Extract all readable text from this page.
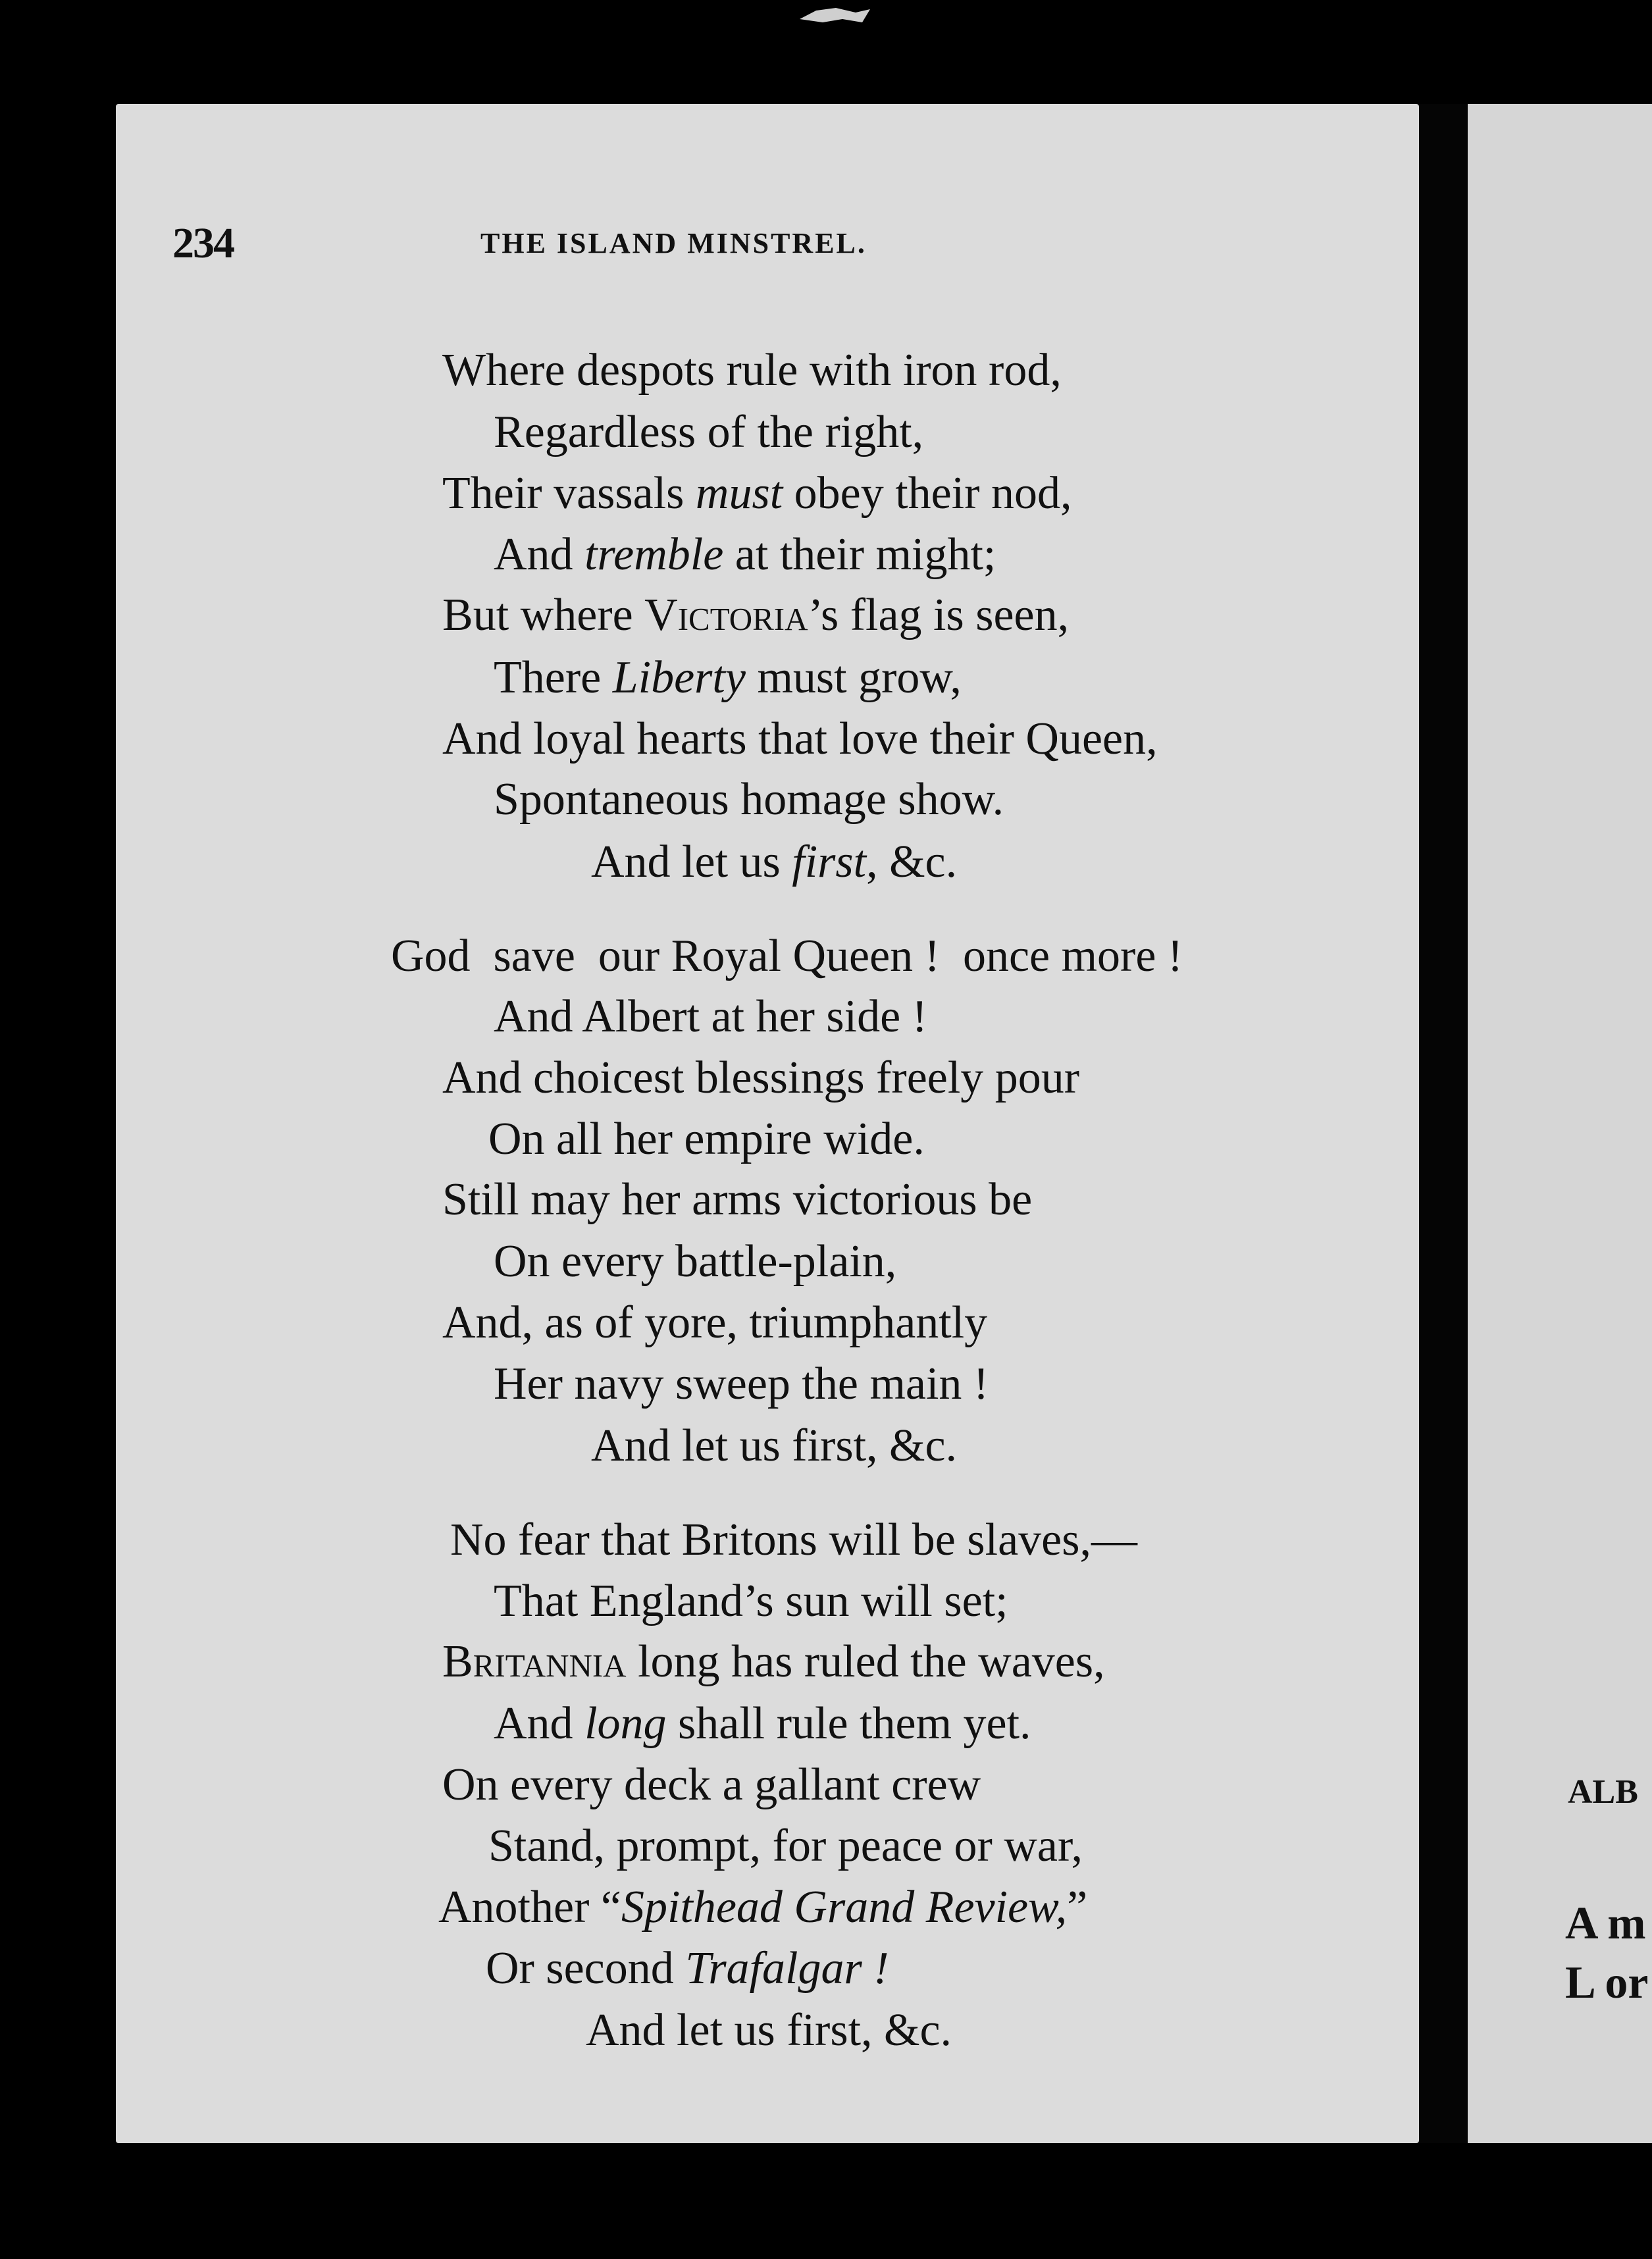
ALB
A m
L or
234	THE ISLAND MINSTREL.
Where despots rule with iron rod,
Regardless of the right,
Their vassals must obey their nod,
And tremble at their might;
But where Victoria’s flag is seen,
There Liberty must grow,
And loyal hearts that love their Queen,
Spontaneous homage show.
And let us first, &c.
God  save  our Royal Queen !  once more !
And Albert at her side !
And choicest blessings freely pour
On all her empire wide.
Still may her arms victorious be
On every battle-plain,
And, as of yore, triumphantly
Her navy sweep the main !
And let us first, &c.
No fear that Britons will be slaves,—
That England’s sun will set;
Britannia long has ruled the waves,
And long shall rule them yet.
On every deck a gallant crew
Stand, prompt, for peace or war,
Another “Spithead Grand Review,”
Or second Trafalgar !
And let us first, &c.
